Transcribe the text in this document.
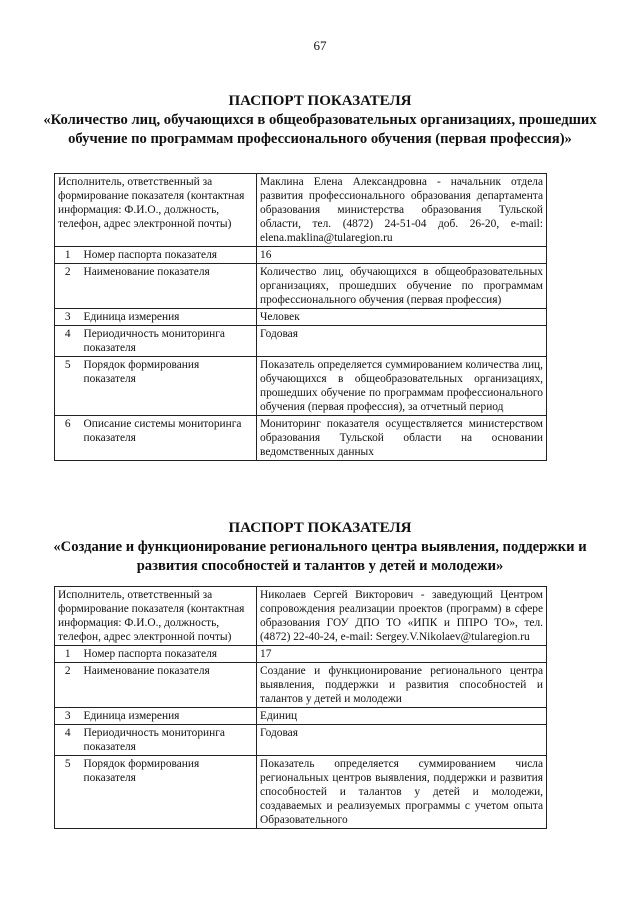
67
ПАСПОРТ ПОКАЗАТЕЛЯ
«Количество лиц, обучающихся в общеобразовательных организациях, прошедших обучение по программам профессионального обучения (первая профессия)»
Исполнитель, ответственный за формирование показателя (контактная информация: Ф.И.О., должность, телефон, адрес электронной почты)		Маклина Елена Александровна - начальник отдела развития профессионального образования департамента образования министерства образования Тульской области, тел. (4872) 24-51-04 доб. 26-20, e-mail: elena.maklina@tularegion.ru
1	Номер паспорта показателя	16
2	Наименование показателя	Количество лиц, обучающихся в общеобразовательных организациях, прошедших обучение по программам профессионального обучения (первая профессия)
3	Единица измерения	Человек
4	Периодичность мониторинга показателя	Годовая
5	Порядок формирования показателя	Показатель определяется суммированием количества лиц, обучающихся в общеобразовательных организациях, прошедших обучение по программам профессионального обучения (первая профессия), за отчетный период
6	Описание системы мониторинга показателя	Мониторинг показателя осуществляется министерством образования Тульской области на основании ведомственных данных
ПАСПОРТ ПОКАЗАТЕЛЯ
«Создание и функционирование регионального центра выявления, поддержки и развития способностей и талантов у детей и молодежи»
Исполнитель, ответственный за формирование показателя (контактная информация: Ф.И.О., должность, телефон, адрес электронной почты)		Николаев Сергей Викторович - заведующий Центром сопровождения реализации проектов (программ) в сфере образования ГОУ ДПО ТО «ИПК и ППРО ТО», тел. (4872) 22-40-24, e-mail: Sergey.V.Nikolaev@tularegion.ru
1	Номер паспорта показателя	17
2	Наименование показателя	Создание и функционирование регионального центра выявления, поддержки и развития способностей и талантов у детей и молодежи
3	Единица измерения	Единиц
4	Периодичность мониторинга показателя	Годовая
5	Порядок формирования показателя	Показатель определяется суммированием числа региональных центров выявления, поддержки и развития способностей и талантов у детей и молодежи, создаваемых и реализуемых программы с учетом опыта Образовательного
